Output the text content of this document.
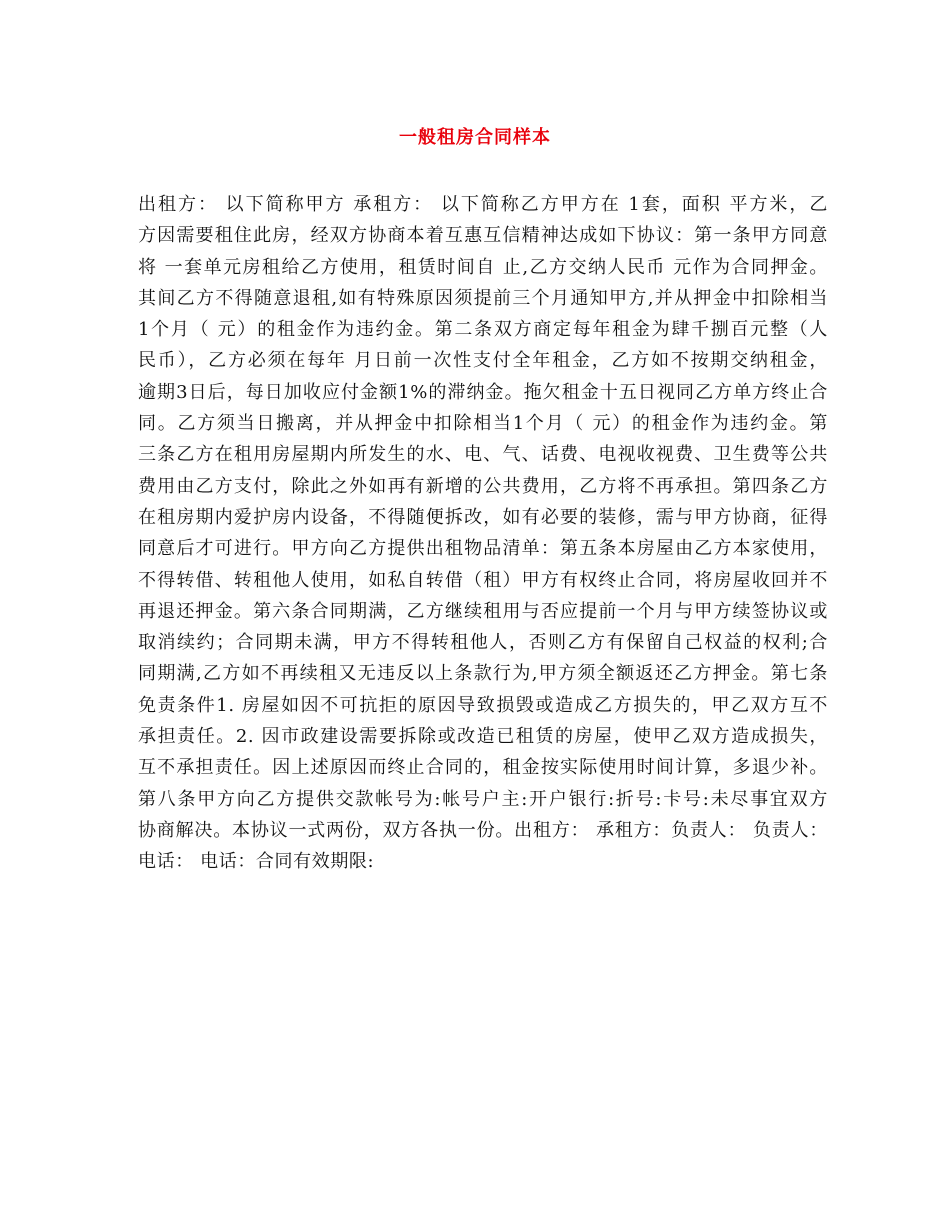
一般租房合同样本
出租方： 以下简称甲方 承租方： 以下简称乙方甲方在 1套，面积 平方米，乙
方因需要租住此房，经双方协商本着互惠互信精神达成如下协议：第一条甲方同意
将 一套单元房租给乙方使用，租赁时间自 止,乙方交纳人民币 元作为合同押金。
其间乙方不得随意退租,如有特殊原因须提前三个月通知甲方,并从押金中扣除相当
1个月（ 元）的租金作为违约金。第二条双方商定每年租金为肆千捌百元整（人
民币），乙方必须在每年 月日前一次性支付全年租金，乙方如不按期交纳租金，
逾期3日后，每日加收应付金额1%的滞纳金。拖欠租金十五日视同乙方单方终止合
同。乙方须当日搬离，并从押金中扣除相当1个月（ 元）的租金作为违约金。第
三条乙方在租用房屋期内所发生的水、电、气、话费、电视收视费、卫生费等公共
费用由乙方支付，除此之外如再有新增的公共费用，乙方将不再承担。第四条乙方
在租房期内爱护房内设备，不得随便拆改，如有必要的装修，需与甲方协商，征得
同意后才可进行。甲方向乙方提供出租物品清单：第五条本房屋由乙方本家使用，
不得转借、转租他人使用，如私自转借（租）甲方有权终止合同，将房屋收回并不
再退还押金。第六条合同期满，乙方继续租用与否应提前一个月与甲方续签协议或
取消续约；合同期未满，甲方不得转租他人，否则乙方有保留自己权益的权利;合
同期满,乙方如不再续租又无违反以上条款行为,甲方须全额返还乙方押金。第七条
免责条件1. 房屋如因不可抗拒的原因导致损毁或造成乙方损失的，甲乙双方互不
承担责任。2. 因市政建设需要拆除或改造已租赁的房屋，使甲乙双方造成损失，
互不承担责任。因上述原因而终止合同的，租金按实际使用时间计算，多退少补。
第八条甲方向乙方提供交款帐号为:帐号户主:开户银行:折号:卡号:未尽事宜双方
协商解决。本协议一式两份，双方各执一份。出租方： 承租方：负责人： 负责人：
电话： 电话：合同有效期限:
